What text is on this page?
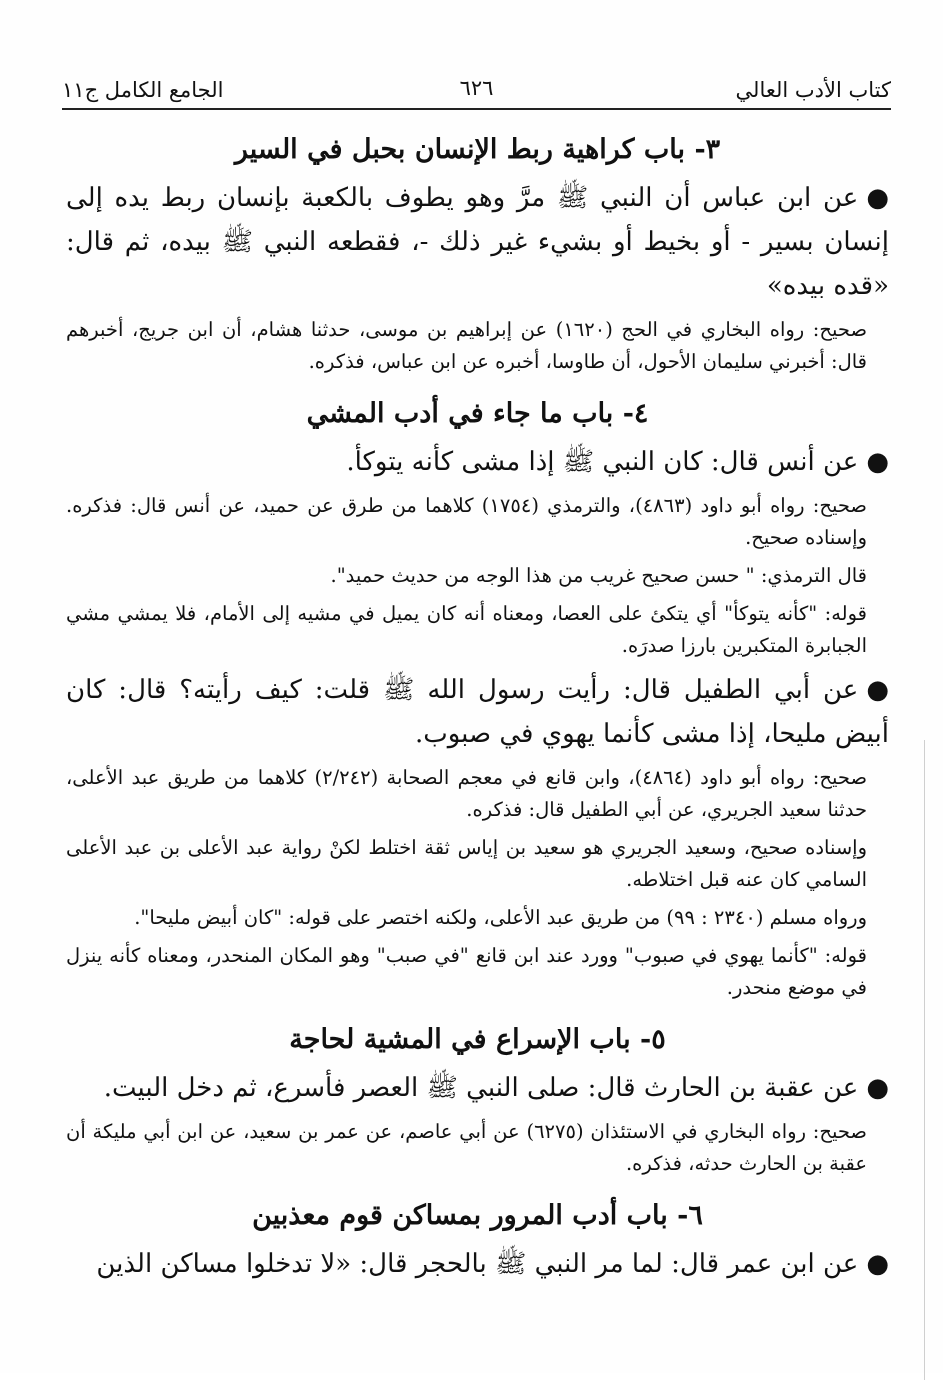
كتاب الأدب العالي
٦٢٦
الجامع الكامل ج١١
٣- باب كراهية ربط الإنسان بحبل في السير

●عن ابن عباس أن النبي ﷺ مرَّ وهو يطوف بالكعبة بإنسان ربط يده إلى إنسان بسير - أو بخيط أو بشيء غير ذلك -، فقطعه النبي ﷺ بيده، ثم قال: «قده بيده»

صحيح: رواه البخاري في الحج (١٦٢٠) عن إبراهيم بن موسى، حدثنا هشام، أن ابن جريج، أخبرهم قال: أخبرني سليمان الأحول، أن طاوسا، أخبره عن ابن عباس، فذكره.

٤- باب ما جاء في أدب المشي

●عن أنس قال: كان النبي ﷺ إذا مشى كأنه يتوكأ.

صحيح: رواه أبو داود (٤٨٦٣)، والترمذي (١٧٥٤) كلاهما من طرق عن حميد، عن أنس قال: فذكره. وإسناده صحيح.

قال الترمذي: " حسن صحيح غريب من هذا الوجه من حديث حميد".

قوله: "كأنه يتوكأ" أي يتكئ على العصا، ومعناه أنه كان يميل في مشيه إلى الأمام، فلا يمشي مشي الجبابرة المتكبرين بارزا صدرَه.

●عن أبي الطفيل قال: رأيت رسول الله ﷺ قلت: كيف رأيته؟ قال: كان أبيض مليحا، إذا مشى كأنما يهوي في صبوب.

صحيح: رواه أبو داود (٤٨٦٤)، وابن قانع في معجم الصحابة (٢/٢٤٢) كلاهما من طريق عبد الأعلى، حدثنا سعيد الجريري، عن أبي الطفيل قال: فذكره.

وإسناده صحيح، وسعيد الجريري هو سعيد بن إياس ثقة اختلط لكنْ رواية عبد الأعلى بن عبد الأعلى السامي كان عنه قبل اختلاطه.

ورواه مسلم (٢٣٤٠ : ٩٩) من طريق عبد الأعلى، ولكنه اختصر على قوله: "كان أبيض مليحا".

قوله: "كأنما يهوي في صبوب" وورد عند ابن قانع "في صبب" وهو المكان المنحدر، ومعناه كأنه ينزل في موضع منحدر.

٥- باب الإسراع في المشية لحاجة

●عن عقبة بن الحارث قال: صلى النبي ﷺ العصر فأسرع، ثم دخل البيت.

صحيح: رواه البخاري في الاستئذان (٦٢٧٥) عن أبي عاصم، عن عمر بن سعيد، عن ابن أبي مليكة أن عقبة بن الحارث حدثه، فذكره.

٦- باب أدب المرور بمساكن قوم معذبين

●عن ابن عمر قال: لما مر النبي ﷺ بالحجر قال: «لا تدخلوا مساكن الذين
